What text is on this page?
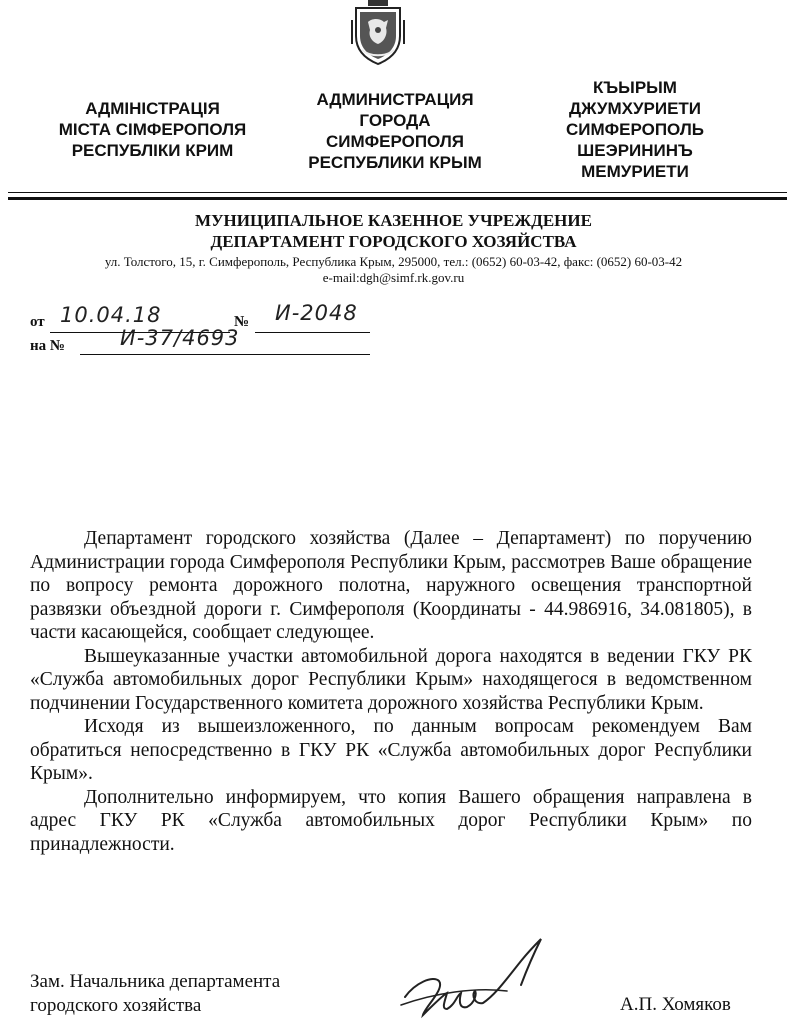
АДМІНІСТРАЦІЯ

МІСТА СІМФЕРОПОЛЯ

РЕСПУБЛІКИ КРИМ

АДМИНИСТРАЦИЯ

ГОРОДА

СИМФЕРОПОЛЯ

РЕСПУБЛИКИ КРЫМ

КЪЫРЫМ

ДЖУМХУРИЕТИ

СИМФЕРОПОЛЬ

ШЕЭРИНИНЪ

МЕМУРИЕТИ

МУНИЦИПАЛЬНОЕ КАЗЕННОЕ УЧРЕЖДЕНИЕ
ДЕПАРТАМЕНТ ГОРОДСКОГО ХОЗЯЙСТВА
ул. Толстого, 15, г. Симферополь, Республика Крым, 295000, тел.: (0652) 60-03-42, факс: (0652) 60-03-42
e-mail:dgh@simf.rk.gov.ru
от 10.04.18	№ И-2048
на №	И-37/4693

Департамент городского хозяйства (Далее – Департамент) по поручению Администрации города Симферополя Республики Крым, рассмотрев Ваше обращение по вопросу ремонта дорожного полотна, наружного освещения транспортной развязки объездной дороги г. Симферополя (Координаты - 44.986916, 34.081805), в части касающейся, сообщает следующее.

Вышеуказанные участки автомобильной дорога находятся в ведении ГКУ РК «Служба автомобильных дорог Республики Крым» находящегося в ведомственном подчинении Государственного комитета дорожного хозяйства Республики Крым.

Исходя из вышеизложенного, по данным вопросам рекомендуем Вам обратиться непосредственно в ГКУ РК «Служба автомобильных дорог Республики Крым».

Дополнительно информируем, что копия Вашего обращения направлена в адрес ГКУ РК «Служба автомобильных дорог Республики Крым» по принадлежности.

Зам. Начальника департамента
городского хозяйства	А.П. Хомяков
